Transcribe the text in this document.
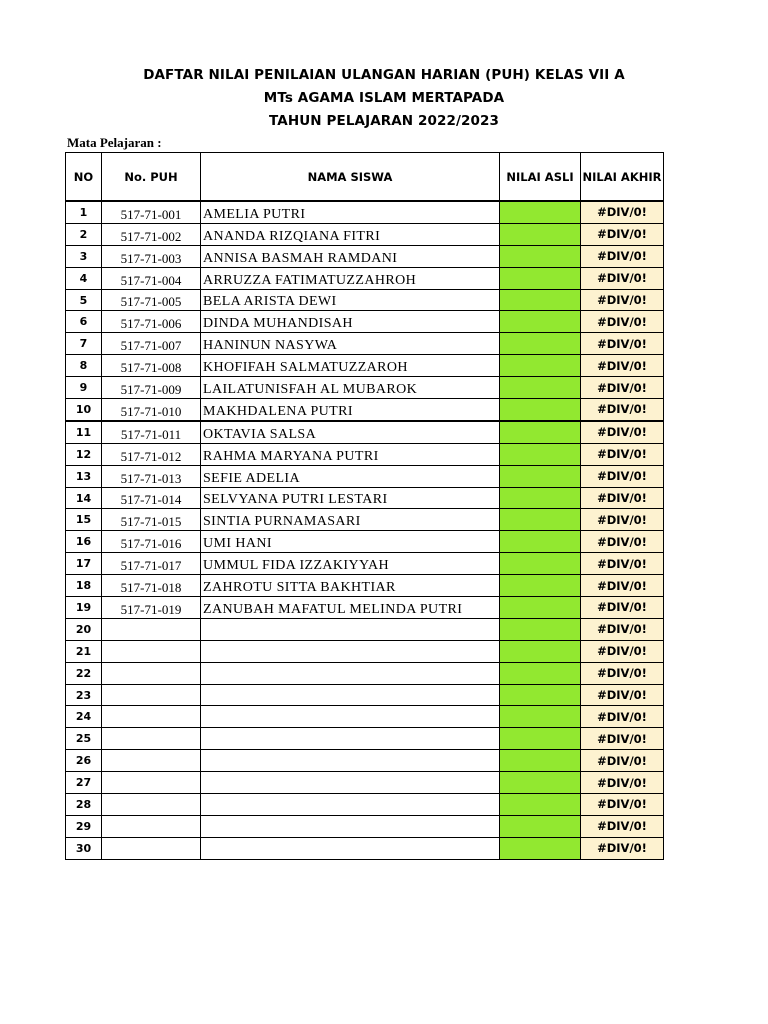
DAFTAR NILAI PENILAIAN ULANGAN HARIAN (PUH) KELAS VII A
MTs AGAMA ISLAM MERTAPADA
TAHUN PELAJARAN 2022/2023
Mata Pelajaran :
NO	No. PUH	NAMA SISWA	NILAI ASLI	NILAI AKHIR
1	517-71-001	AMELIA PUTRI		#DIV/0!
2	517-71-002	ANANDA RIZQIANA FITRI		#DIV/0!
3	517-71-003	ANNISA BASMAH RAMDANI		#DIV/0!
4	517-71-004	ARRUZZA FATIMATUZZAHROH		#DIV/0!
5	517-71-005	BELA ARISTA DEWI		#DIV/0!
6	517-71-006	DINDA MUHANDISAH		#DIV/0!
7	517-71-007	HANINUN NASYWA		#DIV/0!
8	517-71-008	KHOFIFAH SALMATUZZAROH		#DIV/0!
9	517-71-009	LAILATUNISFAH AL MUBAROK		#DIV/0!
10	517-71-010	MAKHDALENA PUTRI		#DIV/0!
11	517-71-011	OKTAVIA SALSA		#DIV/0!
12	517-71-012	RAHMA MARYANA PUTRI		#DIV/0!
13	517-71-013	SEFIE ADELIA		#DIV/0!
14	517-71-014	SELVYANA PUTRI LESTARI		#DIV/0!
15	517-71-015	SINTIA PURNAMASARI		#DIV/0!
16	517-71-016	UMI HANI		#DIV/0!
17	517-71-017	UMMUL FIDA IZZAKIYYAH		#DIV/0!
18	517-71-018	ZAHROTU SITTA BAKHTIAR		#DIV/0!
19	517-71-019	ZANUBAH MAFATUL MELINDA PUTRI		#DIV/0!
20				#DIV/0!
21				#DIV/0!
22				#DIV/0!
23				#DIV/0!
24				#DIV/0!
25				#DIV/0!
26				#DIV/0!
27				#DIV/0!
28				#DIV/0!
29				#DIV/0!
30				#DIV/0!
